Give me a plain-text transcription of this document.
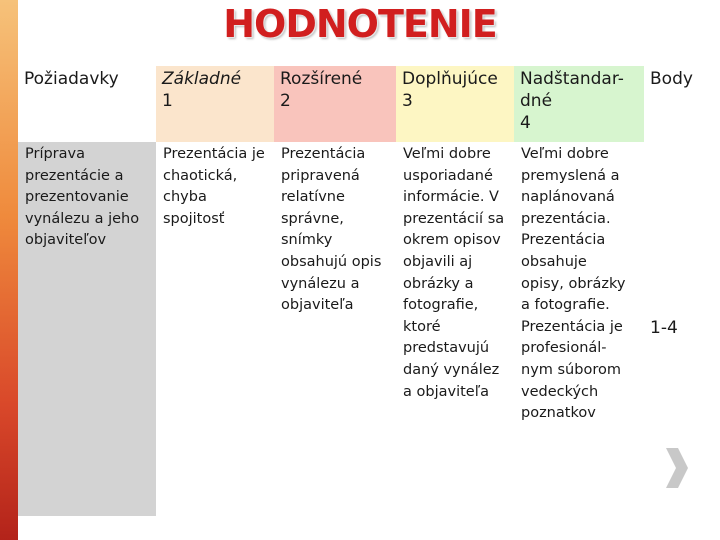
HODNOTENIE
Požiadavky	Základné
1
Rozšírené
2
Doplňujúce
3
Nadštandar-
dné
4
Body
Príprava
prezentácie a
prezentovanie
vynálezu a jeho
objaviteľov
Prezentácia je
chaotická,
chyba
spojitosť
Prezentácia
pripravená
relatívne
správne,
snímky
obsahujú opis
vynálezu a
objaviteľa
Veľmi dobre
usporiadané
informácie. V
prezentácií sa
okrem opisov
objavili aj
obrázky a
fotografie,
ktoré
predstavujú
daný vynález
a objaviteľa
Veľmi dobre
premyslená a
naplánovaná
prezentácia.
Prezentácia
obsahuje
opisy, obrázky
a fotografie.
Prezentácia je
profesionál-
nym súborom
vedeckých
poznatkov
1-4
